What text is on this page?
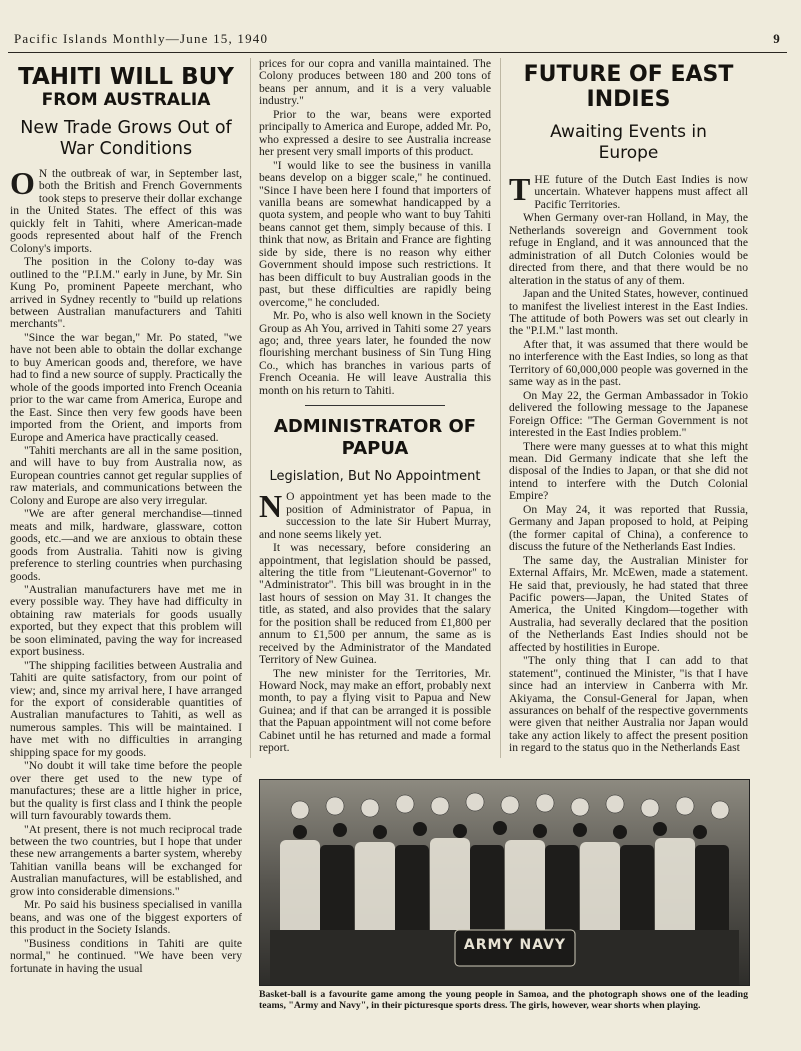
Pacific Islands Monthly—June 15, 1940	9
TAHITI WILL BUY
FROM AUSTRALIA
New Trade Grows Out of War Conditions

O N the outbreak of war, in September last, both the British and French Governments took steps to preserve their dollar exchange in the United States. The effect of this was quickly felt in Tahiti, where American-made goods represented about half of the French Colony's imports.

The position in the Colony to-day was outlined to the "P.I.M." early in June, by Mr. Sin Kung Po, prominent Papeete merchant, who arrived in Sydney recently to "build up relations between Australian manufacturers and Tahiti merchants".

"Since the war began," Mr. Po stated, "we have not been able to obtain the dollar exchange to buy American goods and, therefore, we have had to find a new source of supply. Practically the whole of the goods imported into French Oceania prior to the war came from America, Europe and the East. Since then very few goods have been imported from the Orient, and imports from Europe and America have practically ceased.

"Tahiti merchants are all in the same position, and will have to buy from Australia now, as European countries cannot get regular supplies of raw materials, and communications between the Colony and Europe are also very irregular.

"We are after general merchandise—tinned meats and milk, hardware, glassware, cotton goods, etc.—and we are anxious to obtain these goods from Australia. Tahiti now is giving preference to sterling countries when purchasing goods.

"Australian manufacturers have met me in every possible way. They have had difficulty in obtaining raw materials for goods usually exported, but they expect that this problem will be soon eliminated, paving the way for increased export business.

"The shipping facilities between Australia and Tahiti are quite satisfactory, from our point of view; and, since my arrival here, I have arranged for the export of considerable quantities of Australian manufactures to Tahiti, as well as numerous samples. This will be maintained. I have met with no difficulties in arranging shipping space for my goods.

"No doubt it will take time before the people over there get used to the new type of manufactures; these are a little higher in price, but the quality is first class and I think the people will turn favourably towards them.

"At present, there is not much reciprocal trade between the two countries, but I hope that under these new arrangements a barter system, whereby Tahitian vanilla beans will be exchanged for Australian manufactures, will be established, and grow into considerable dimensions."

Mr. Po said his business specialised in vanilla beans, and was one of the biggest exporters of this product in the Society Islands.

"Business conditions in Tahiti are quite normal," he continued. "We have been very fortunate in having the usual

prices for our copra and vanilla maintained. The Colony produces between 180 and 200 tons of beans per annum, and it is a very valuable industry."

Prior to the war, beans were exported principally to America and Europe, added Mr. Po, who expressed a desire to see Australia increase her present very small imports of this product.

"I would like to see the business in vanilla beans develop on a bigger scale," he continued. "Since I have been here I found that importers of vanilla beans are somewhat handicapped by a quota system, and people who want to buy Tahiti beans cannot get them, simply because of this. I think that now, as Britain and France are fighting side by side, there is no reason why either Government should impose such restrictions. It has been difficult to buy Australian goods in the past, but these difficulties are rapidly being overcome," he concluded.

Mr. Po, who is also well known in the Society Group as Ah You, arrived in Tahiti some 27 years ago; and, three years later, he founded the now flourishing merchant business of Sin Tung Hing Co., which has branches in various parts of French Oceania. He will leave Australia this month on his return to Tahiti.

ADMINISTRATOR OF PAPUA
Legislation, But No Appointment

N O appointment yet has been made to the position of Administrator of Papua, in succession to the late Sir Hubert Murray, and none seems likely yet.

It was necessary, before considering an appointment, that legislation should be passed, altering the title from "Lieutenant-Governor" to "Administrator". This bill was brought in in the last hours of session on May 31. It changes the title, as stated, and also provides that the salary for the position shall be reduced from £1,800 per annum to £1,500 per annum, the same as is received by the Administrator of the Mandated Territory of New Guinea.

The new minister for the Territories, Mr. Howard Nock, may make an effort, probably next month, to pay a flying visit to Papua and New Guinea; and if that can be arranged it is possible that the Papuan appointment will not come before Cabinet until he has returned and made a formal report.

FUTURE OF EAST INDIES
Awaiting Events in Europe

THE future of the Dutch East Indies is now uncertain. Whatever happens must affect all Pacific Territories.

When Germany over-ran Holland, in May, the Netherlands sovereign and Government took refuge in England, and it was announced that the administration of all Dutch Colonies would be directed from there, and that there would be no alteration in the status of any of them.

Japan and the United States, however, continued to manifest the liveliest interest in the East Indies. The attitude of both Powers was set out clearly in the "P.I.M." last month.

After that, it was assumed that there would be no interference with the East Indies, so long as that Territory of 60,000,000 people was governed in the same way as in the past.

On May 22, the German Ambassador in Tokio delivered the following message to the Japanese Foreign Office: "The German Government is not interested in the East Indies problem."

There were many guesses at to what this might mean. Did Germany indicate that she left the disposal of the Indies to Japan, or that she did not intend to interfere with the Dutch Colonial Empire?

On May 24, it was reported that Russia, Germany and Japan proposed to hold, at Peiping (the former capital of China), a conference to discuss the future of the Netherlands East Indies.

The same day, the Australian Minister for External Affairs, Mr. McEwen, made a statement. He said that, previously, he had stated that three Pacific powers—Japan, the United States of America, the United Kingdom—together with Australia, had severally declared that the position of the Netherlands East Indies should not be affected by hostilities in Europe.

"The only thing that I can add to that statement", continued the Minister, "is that I have since had an interview in Canberra with Mr. Akiyama, the Consul-General for Japan, when assurances on behalf of the respective governments were given that neither Australia nor Japan would take any action likely to affect the present position in regard to the status quo in the Netherlands East

ARMY NAVY
Basket-ball is a favourite game among the young people in Samoa, and the photograph shows one of the leading teams, "Army and Navy", in their picturesque sports dress. The girls, however, wear shorts when playing.
